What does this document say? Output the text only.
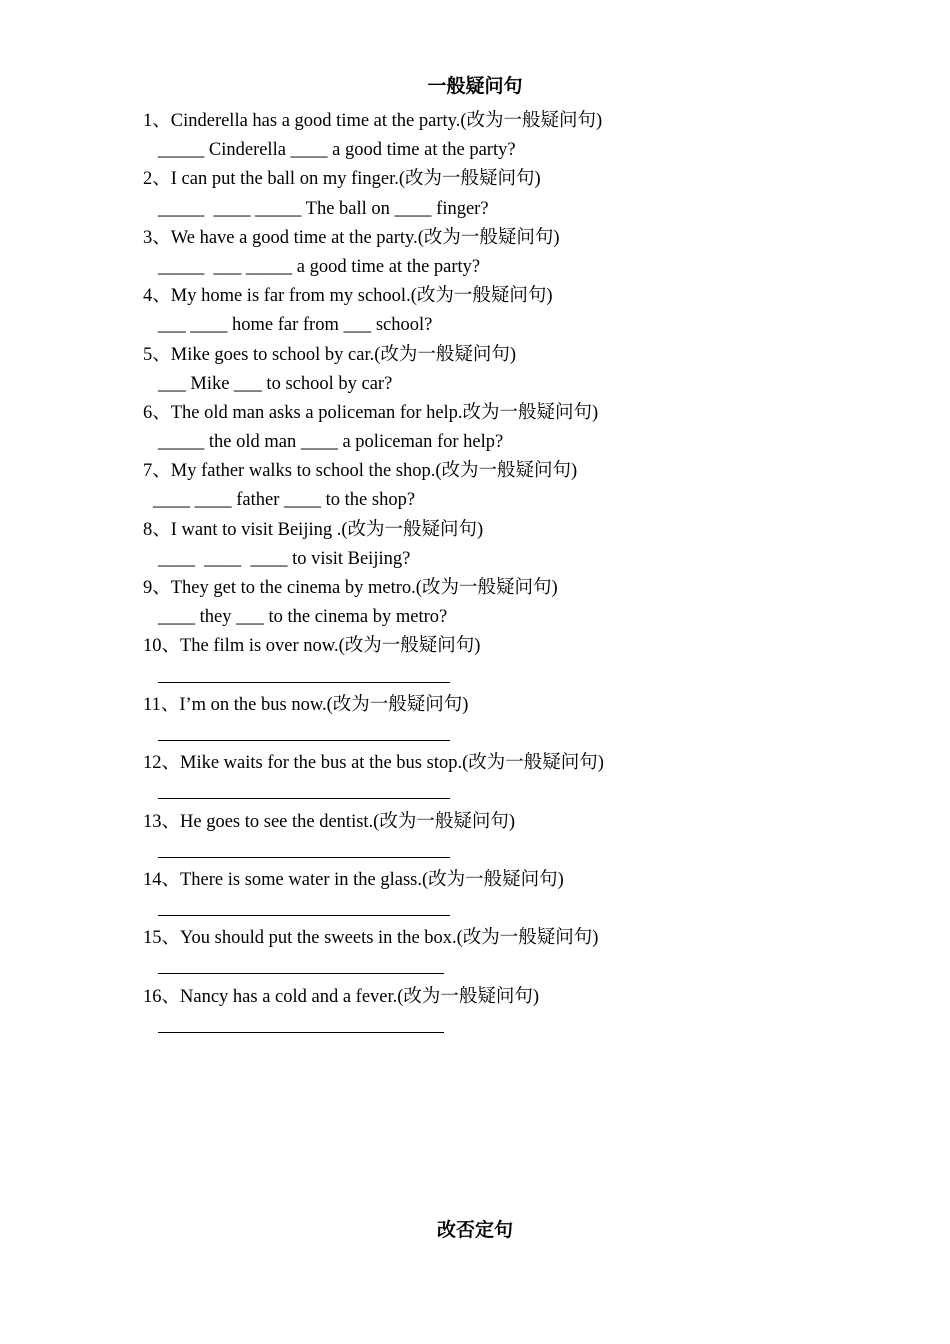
一般疑问句
1、Cinderella has a good time at the party.(改为一般疑问句)
_____ Cinderella ____ a good time at the party?
2、I can put the ball on my finger.(改为一般疑问句)
_____  ____ _____ The ball on ____ finger?
3、We have a good time at the party.(改为一般疑问句)
_____  ___ _____ a good time at the party?
4、My home is far from my school.(改为一般疑问句)
___ ____ home far from ___ school?
5、Mike goes to school by car.(改为一般疑问句)
___ Mike ___ to school by car?
6、The old man asks a policeman for help.改为一般疑问句)
_____ the old man ____ a policeman for help?
7、My father walks to school the shop.(改为一般疑问句)
____ ____ father ____ to the shop?
8、I want to visit Beijing .(改为一般疑问句)
____  ____  ____ to visit Beijing?
9、They get to the cinema by metro.(改为一般疑问句)
____ they ___ to the cinema by metro?
10、The film is over now.(改为一般疑问句)
11、I’m on the bus now.(改为一般疑问句)
12、Mike waits for the bus at the bus stop.(改为一般疑问句)
13、He goes to see the dentist.(改为一般疑问句)
14、There is some water in the glass.(改为一般疑问句)
15、You should put the sweets in the box.(改为一般疑问句)
16、Nancy has a cold and a fever.(改为一般疑问句)
改否定句
